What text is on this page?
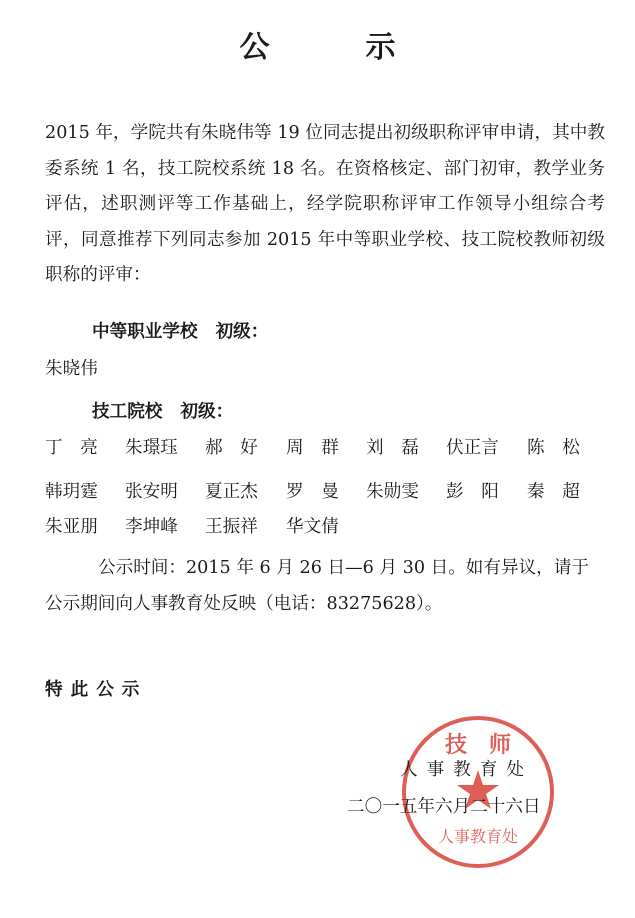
公	示
2015 年，学院共有朱晓伟等 19 位同志提出初级职称评审申请，其中教委系统 1 名，技工院校系统 18 名。在资格核定、部门初审，教学业务评估，述职测评等工作基础上，经学院职称评审工作领导小组综合考评，同意推荐下列同志参加 2015 年中等职业学校、技工院校教师初级职称的评审：
中等职业学校 初级：
朱晓伟
技工院校 初级：
丁　亮 朱璟珏 郝　好 周　群 刘　磊 伏正言 陈　松
韩玥霆 张安明 夏正杰 罗　曼 朱勋雯 彭　阳 秦　超
朱亚朋 李坤峰 王振祥 华文倩
公示时间：2015 年 6 月 26 日—6 月 30 日。如有异议，请于公示期间向人事教育处反映（电话：83275628）。
特此公示
技　师
人事教育处
人事教育处
二〇一五年六月二十六日
